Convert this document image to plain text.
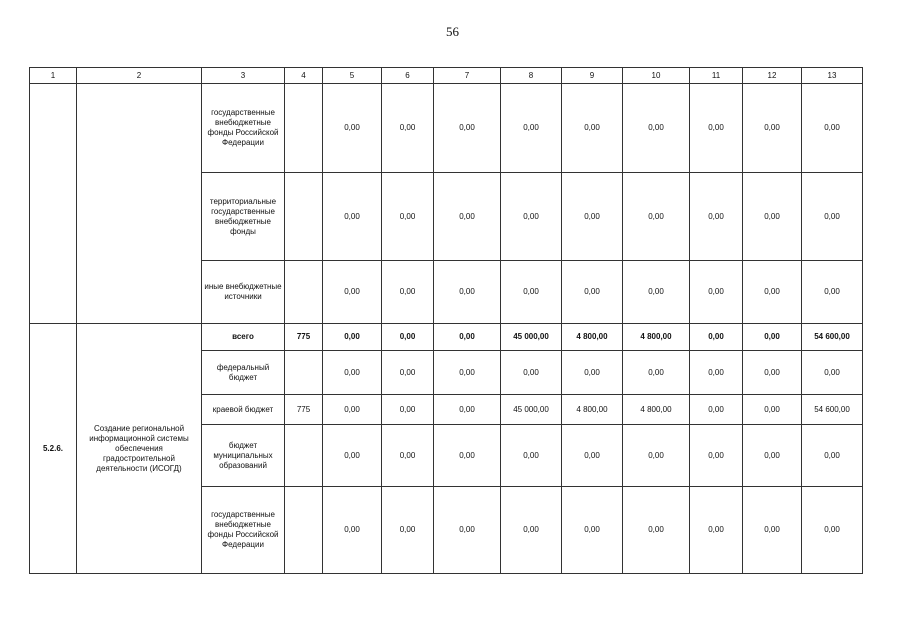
56
1	2	3	4	5	6	7	8	9	10	11	12	13
		государственные внебюджетные фонды Российской Федерации		0,00	0,00	0,00	0,00	0,00	0,00	0,00	0,00	0,00
		территориальные государственные внебюджетные фонды		0,00	0,00	0,00	0,00	0,00	0,00	0,00	0,00	0,00
		иные внебюджетные источники		0,00	0,00	0,00	0,00	0,00	0,00	0,00	0,00	0,00
5.2.6.	Создание региональной информационной системы обеспечения градостроительной деятельности (ИСОГД)	всего	775	0,00	0,00	0,00	45 000,00	4 800,00	4 800,00	0,00	0,00	54 600,00
		федеральный бюджет		0,00	0,00	0,00	0,00	0,00	0,00	0,00	0,00	0,00
		краевой бюджет	775	0,00	0,00	0,00	45 000,00	4 800,00	4 800,00	0,00	0,00	54 600,00
		бюджет муниципальных образований		0,00	0,00	0,00	0,00	0,00	0,00	0,00	0,00	0,00
		государственные внебюджетные фонды Российской Федерации		0,00	0,00	0,00	0,00	0,00	0,00	0,00	0,00	0,00
